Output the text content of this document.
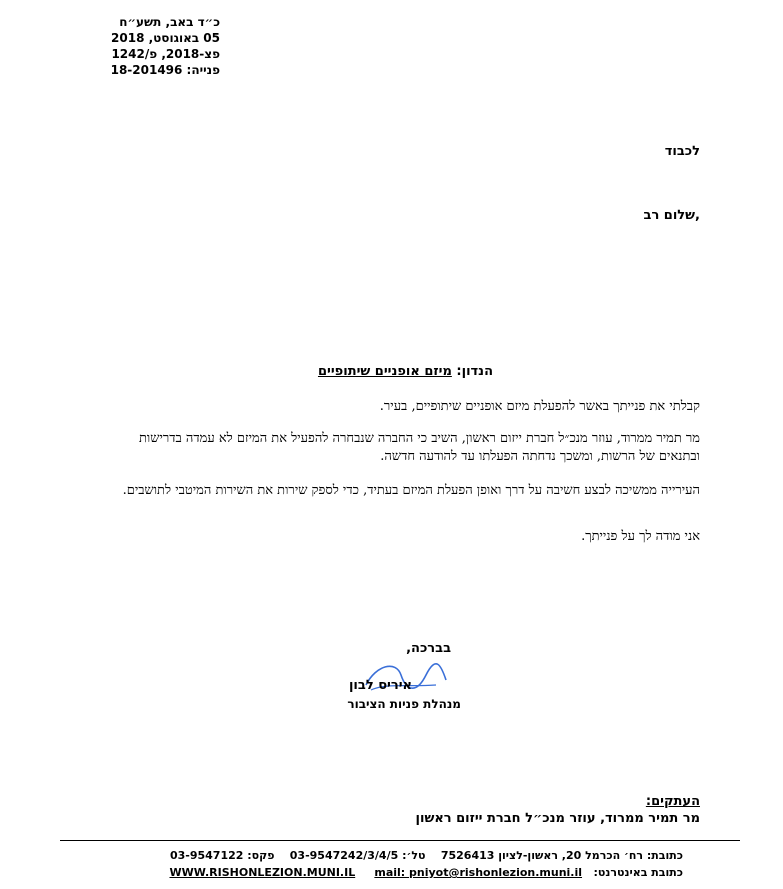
כ״ד באב, תשע״ח
05 באוגוסט, 2018
פצ-2018, פ/1242
פנייה: 18-201496
לכבוד
שלום רב,
הנדון: מיזם אופניים שיתופיים
קבלתי את פנייתך באשר להפעלת מיזם אופניים שיתופיים, בעיר.
מר תמיר ממרוד, עוזר מנכ״ל חברת ייזום ראשון, השיב כי החברה שנבחרה להפעיל את המיזם לא עמדה בדרישות ובתנאים של הרשות, ומשכך נדחתה הפעלתו עד להודעה חדשה.
העירייה ממשיכה לבצע חשיבה על דרך ואופן הפעלת המיזם בעתיד, כדי לספק שירות את השירות המיטבי לתושבים.
אני מודה לך על פנייתך.
בברכה,
איריס לבון
מנהלת פניות הציבור
העתקים:
מר תמיר ממרוד, עוזר מנכ״ל חברת ייזום ראשון
כתובת: רח׳ הכרמל 20, ראשון-לציון 7526413    טל׳: 03-9547242/3/4/5    פקס: 03-9547122
כתובת באינטרנט:   WWW.RISHONLEZION.MUNI.IL mail: pniyot@rishonlezion.muni.il
